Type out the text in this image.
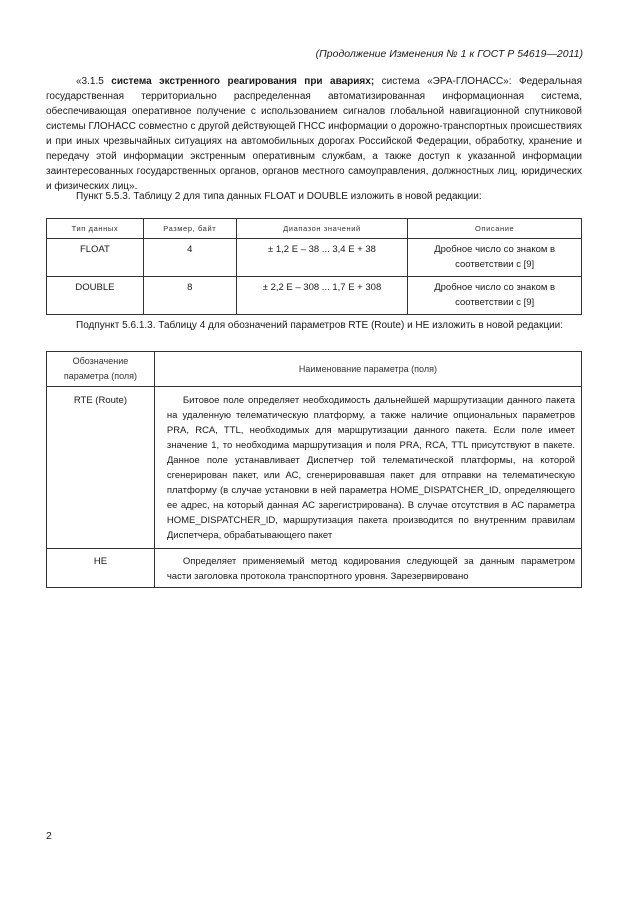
(Продолжение Изменения № 1 к ГОСТ Р 54619—2011)

«3.1.5 система экстренного реагирования при авариях; система «ЭРА-ГЛОНАСС»: Федеральная государственная территориально распределенная автоматизированная информационная система, обеспечивающая оперативное получение с использованием сигналов глобальной навигационной спутниковой системы ГЛОНАСС совместно с другой действующей ГНСС информации о дорожно-транспортных происшествиях и при иных чрезвычайных ситуациях на автомобильных дорогах Российской Федерации, обработку, хранение и передачу этой информации экстренным оперативным службам, а также доступ к указанной информации заинтересованных государственных органов, органов местного самоуправления, должностных лиц, юридических и физических лиц».

Пункт 5.5.3. Таблицу 2 для типа данных FLOAT и DOUBLE изложить в новой редакции:

Тип данных	Размер, байт	Диапазон значений	Описание
FLOAT	4	± 1,2 Е – 38 ... 3,4 Е + 38	Дробное число со знаком в соответствии с [9]
DOUBLE	8	± 2,2 Е – 308 ... 1,7 Е + 308	Дробное число со знаком в соответствии с [9]

Подпункт 5.6.1.3. Таблицу 4 для обозначений параметров RTE (Route) и HE изложить в новой редакции:

Обозначение параметра (поля)	Наименование параметра (поля)
RTE (Route)	Битовое поле определяет необходимость дальнейшей маршрутизации данного пакета на удаленную телематическую платформу, а также наличие опциональных параметров PRA, RCA, TTL, необходимых для маршрутизации данного пакета. Если поле имеет значение 1, то необходима маршрутизация и поля PRA, RCA, TTL присутствуют в пакете. Данное поле устанавливает Диспетчер той телематической платформы, на которой сгенерирован пакет, или АС, сгенерировавшая пакет для отправки на телематическую платформу (в случае установки в ней параметра HOME_DISPATCHER_ID, определяющего ее адрес, на который данная АС зарегистрирована). В случае отсутствия в АС параметра HOME_DISPATCHER_ID, маршрутизация пакета производится по внутренним правилам Диспетчера, обрабатывающего пакет
HE	Определяет применяемый метод кодирования следующей за данным параметром части заголовка протокола транспортного уровня. Зарезервировано
2
